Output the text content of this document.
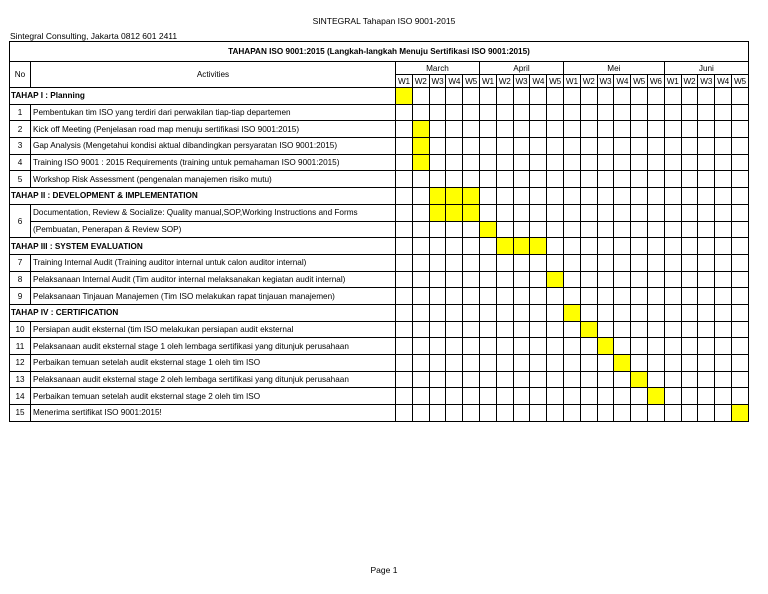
SINTEGRAL Tahapan ISO 9001-2015
Sintegral Consulting, Jakarta 0812 601 2411
TAHAPAN ISO 9001:2015 (Langkah-langkah Menuju Sertifikasi ISO 9001:2015)																						
No	Activities	March					April					Mei						Juni				
		W1	W2	W3	W4	W5	W1	W2	W3	W4	W5	W1	W2	W3	W4	W5	W6	W1	W2	W3	W4	W5
TAHAP I : Planning																						
1	Pembentukan tim ISO yang terdiri dari perwakilan tiap-tiap departemen																					
2	Kick off Meeting (Penjelasan road map menuju sertifikasi ISO 9001:2015)																					
3	Gap Analysis (Mengetahui kondisi aktual dibandingkan persyaratan ISO 9001:2015)																					
4	Training ISO 9001 : 2015 Requirements (training untuk pemahaman ISO 9001:2015)																					
5	Workshop Risk Assessment (pengenalan manajemen risiko mutu)																					
TAHAP II : DEVELOPMENT & IMPLEMENTATION																						
6	Documentation, Review & Socialize: Quality manual,SOP,Working Instructions and Forms																					
	(Pembuatan, Penerapan & Review SOP)																					
TAHAP III : SYSTEM EVALUATION																						
7	Training Internal Audit (Training auditor internal untuk calon auditor internal)																					
8	Pelaksanaan Internal Audit (Tim auditor internal melaksanakan kegiatan audit internal)																					
9	Pelaksanaan Tinjauan Manajemen (Tim ISO melakukan rapat tinjauan manajemen)																					
TAHAP IV : CERTIFICATION																						
10	Persiapan audit eksternal (tim ISO melakukan persiapan audit eksternal																					
11	Pelaksanaan audit eksternal stage 1 oleh lembaga sertifikasi yang ditunjuk perusahaan																					
12	Perbaikan temuan setelah audit eksternal stage 1 oleh tim ISO																					
13	Pelaksanaan audit eksternal stage 2 oleh lembaga sertifikasi yang ditunjuk perusahaan																					
14	Perbaikan temuan setelah audit eksternal stage 2 oleh tim ISO																					
15	Menerima sertifikat ISO 9001:2015!																					
Page 1
